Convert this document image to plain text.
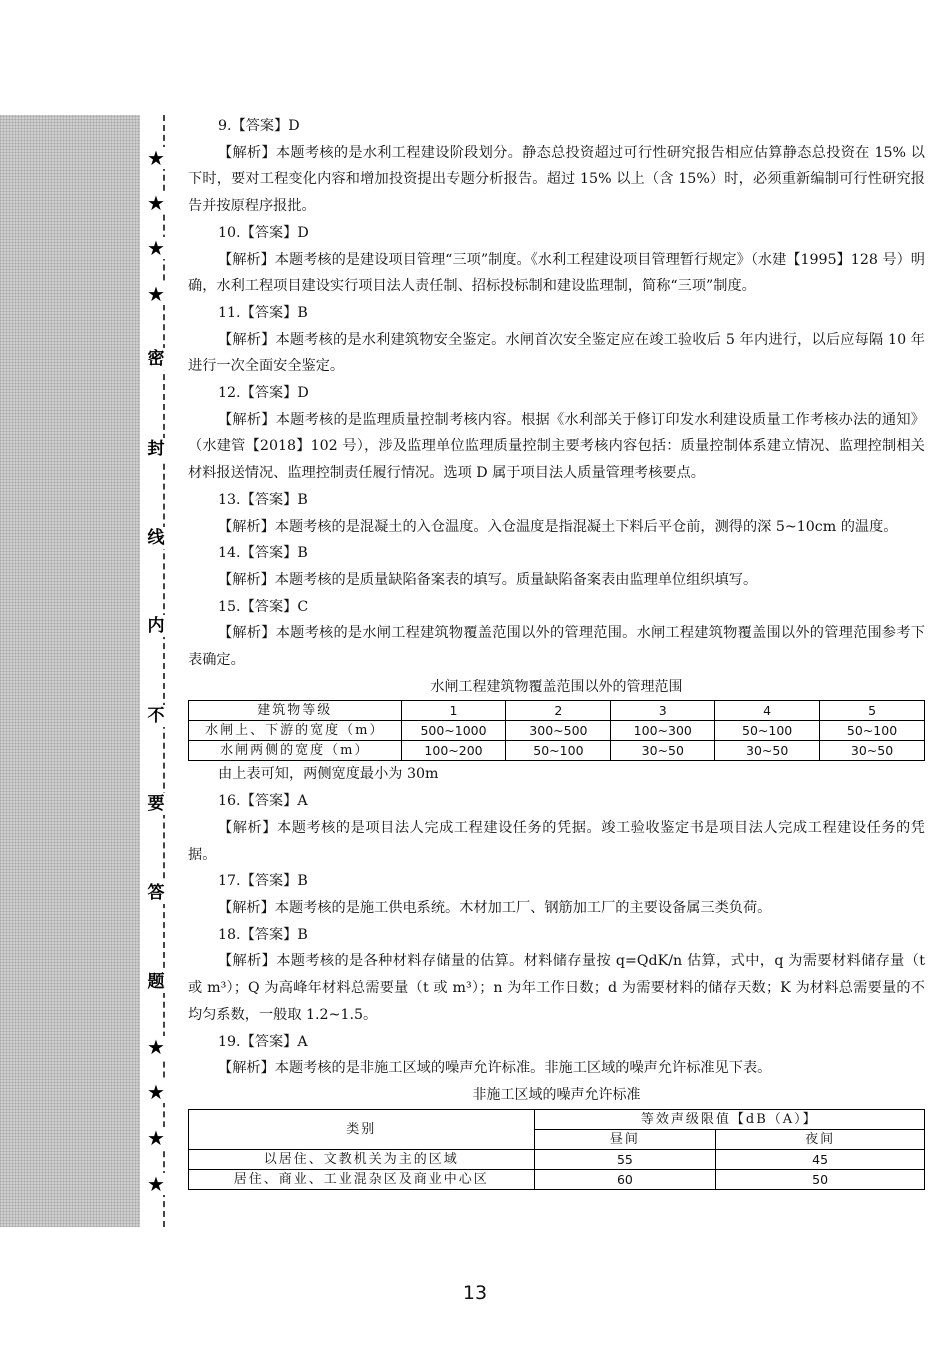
★
★
★
★
密
封
线
内
不
要
答
题
★
★
★
★

9.【答案】D

【解析】本题考核的是水利工程建设阶段划分。静态总投资超过可行性研究报告相应估算静态总投资在 15% 以下时，要对工程变化内容和增加投资提出专题分析报告。超过 15% 以上（含 15%）时，必须重新编制可行性研究报告并按原程序报批。

10.【答案】D

【解析】本题考核的是建设项目管理“三项”制度。《水利工程建设项目管理暂行规定》（水建【1995】128 号）明确，水利工程项目建设实行项目法人责任制、招标投标制和建设监理制，简称“三项”制度。

11.【答案】B

【解析】本题考核的是水利建筑物安全鉴定。水闸首次安全鉴定应在竣工验收后 5 年内进行，以后应每隔 10 年进行一次全面安全鉴定。

12.【答案】D

【解析】本题考核的是监理质量控制考核内容。根据《水利部关于修订印发水利建设质量工作考核办法的通知》（水建管【2018】102 号），涉及监理单位监理质量控制主要考核内容包括：质量控制体系建立情况、监理控制相关材料报送情况、监理控制责任履行情况。选项 D 属于项目法人质量管理考核要点。

13.【答案】B

【解析】本题考核的是混凝土的入仓温度。入仓温度是指混凝土下料后平仓前，测得的深 5~10cm 的温度。

14.【答案】B

【解析】本题考核的是质量缺陷备案表的填写。质量缺陷备案表由监理单位组织填写。

15.【答案】C

【解析】本题考核的是水闸工程建筑物覆盖范围以外的管理范围。水闸工程建筑物覆盖围以外的管理范围参考下表确定。

水闸工程建筑物覆盖范围以外的管理范围

建筑物等级	1	2	3	4	5
水闸上、下游的宽度（m）	500~1000	300~500	100~300	50~100	50~100
水闸两侧的宽度（m）	100~200	50~100	30~50	30~50	30~50

由上表可知，两侧宽度最小为 30m

16.【答案】A

【解析】本题考核的是项目法人完成工程建设任务的凭据。竣工验收鉴定书是项目法人完成工程建设任务的凭据。

17.【答案】B

【解析】本题考核的是施工供电系统。木材加工厂、钢筋加工厂的主要设备属三类负荷。

18.【答案】B

【解析】本题考核的是各种材料存储量的估算。材料储存量按 q=QdK/n 估算，式中，q 为需要材料储存量（t 或 m³）；Q 为高峰年材料总需要量（t 或 m³）；n 为年工作日数；d 为需要材料的储存天数；K 为材料总需要量的不均匀系数，一般取 1.2~1.5。

19.【答案】A

【解析】本题考核的是非施工区域的噪声允许标准。非施工区域的噪声允许标准见下表。

非施工区域的噪声允许标准

类别	等效声级限值【dB（A）】	
	昼间	夜间
以居住、文教机关为主的区域	55	45
居住、商业、工业混杂区及商业中心区	60	50
13
